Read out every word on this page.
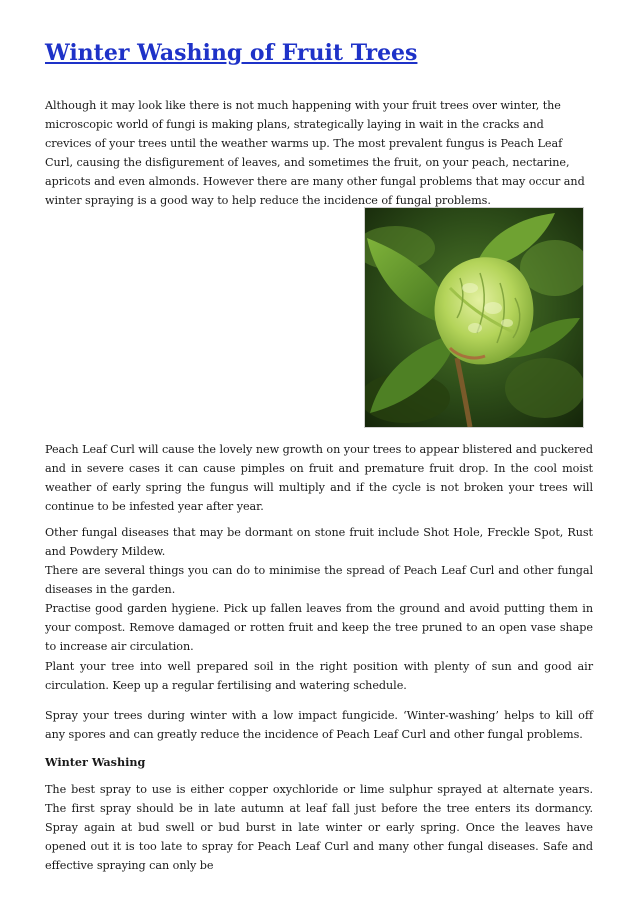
Winter Washing of Fruit Trees

Although it may look like there is not much happening with your fruit trees over winter, the microscopic world of fungi is making plans, strategically laying in wait in the cracks and crevices of your trees until the weather warms up. The most prevalent fungus is Peach Leaf Curl, causing the disfigurement of leaves, and sometimes the fruit, on your peach, nectarine, apricots and even almonds. However there are many other fungal problems that may occur and winter spraying is a good way to help reduce the incidence of fungal problems.

Peach Leaf Curl will cause the lovely new growth on your trees to appear blistered and puckered and in severe cases it can cause pimples on fruit and premature fruit drop. In the cool moist weather of early spring the fungus will multiply and if the cycle is not broken your trees will continue to be infested year after year.

Other fungal diseases that may be dormant on stone fruit include Shot Hole, Freckle Spot, Rust and Powdery Mildew.
There are several things you can do to minimise the spread of Peach Leaf Curl and other fungal diseases in the garden.
Practise good garden hygiene. Pick up fallen leaves from the ground and avoid putting them in your compost. Remove damaged or rotten fruit and keep the tree pruned to an open vase shape to increase air circulation.

Plant your tree into well prepared soil in the right position with plenty of sun and good air circulation. Keep up a regular fertilising and watering schedule.

Spray your trees during winter with a low impact fungicide. ‘Winter-washing’ helps to kill off any spores and can greatly reduce the incidence of Peach Leaf Curl and other fungal problems.

Winter Washing

The best spray to use is either copper oxychloride or lime sulphur sprayed at alternate years. The first spray should be in late autumn at leaf fall just before the tree enters its dormancy. Spray again at bud swell or bud burst in late winter or early spring. Once the leaves have opened out it is too late to spray for Peach Leaf Curl and many other fungal diseases. Safe and effective spraying can only be
